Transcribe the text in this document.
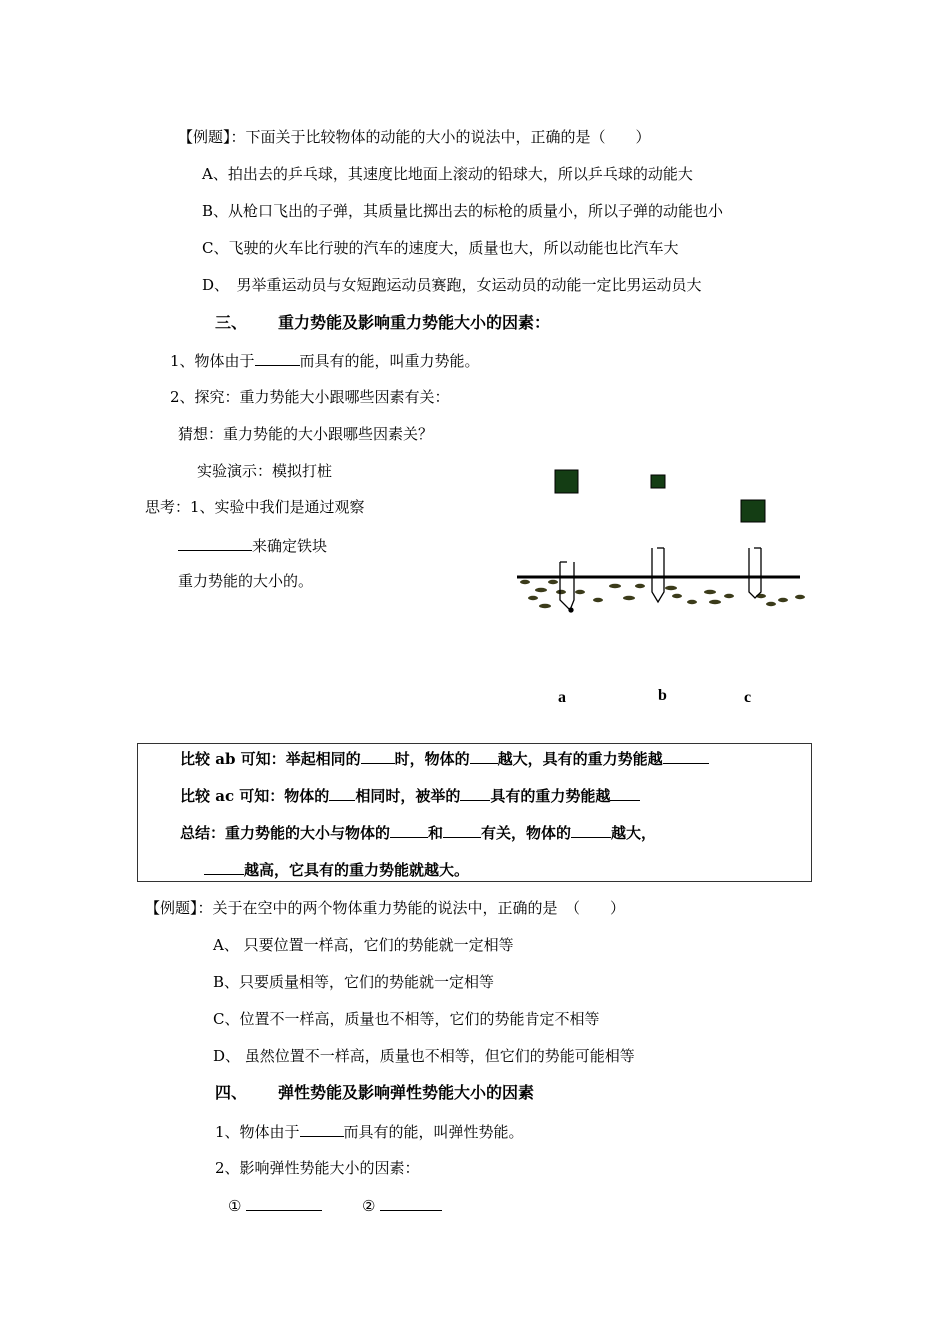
【例题】：下面关于比较物体的动能的大小的说法中，正确的是（　　）
A、拍出去的乒乓球，其速度比地面上滚动的铅球大，所以乒乓球的动能大
B、从枪口飞出的子弹，其质量比掷出去的标枪的质量小，所以子弹的动能也小
C、飞驶的火车比行驶的汽车的速度大，质量也大，所以动能也比汽车大
D、　男举重运动员与女短跑运动员赛跑，女运动员的动能一定比男运动员大
三、 重力势能及影响重力势能大小的因素：
1、物体由于	而具有的能，叫重力势能。
2、探究：重力势能大小跟哪些因素有关：
猜想：重力势能的大小跟哪些因素关？
实验演示：模拟打桩
思考：1、实验中我们是通过观察
来确定铁块
重力势能的大小的。
a	b	c
比较 ab 可知：举起相同的 时，物体的 越大，具有的重力势能越
比较 ac 可知：物体的 相同时，被举的 具有的重力势能越
总结：重力势能的大小与物体的	和	有关，物体的	越大，
越高，它具有的重力势能就越大。
【例题】：关于在空中的两个物体重力势能的说法中，正确的是　（　　）
A、 只要位置一样高，它们的势能就一定相等
B、只要质量相等，它们的势能就一定相等
C、位置不一样高，质量也不相等，它们的势能肯定不相等
D、 虽然位置不一样高，质量也不相等，但它们的势能可能相等
四、 弹性势能及影响弹性势能大小的因素
1、物体由于	而具有的能，叫弹性势能。
2、影响弹性势能大小的因素：
①	②
